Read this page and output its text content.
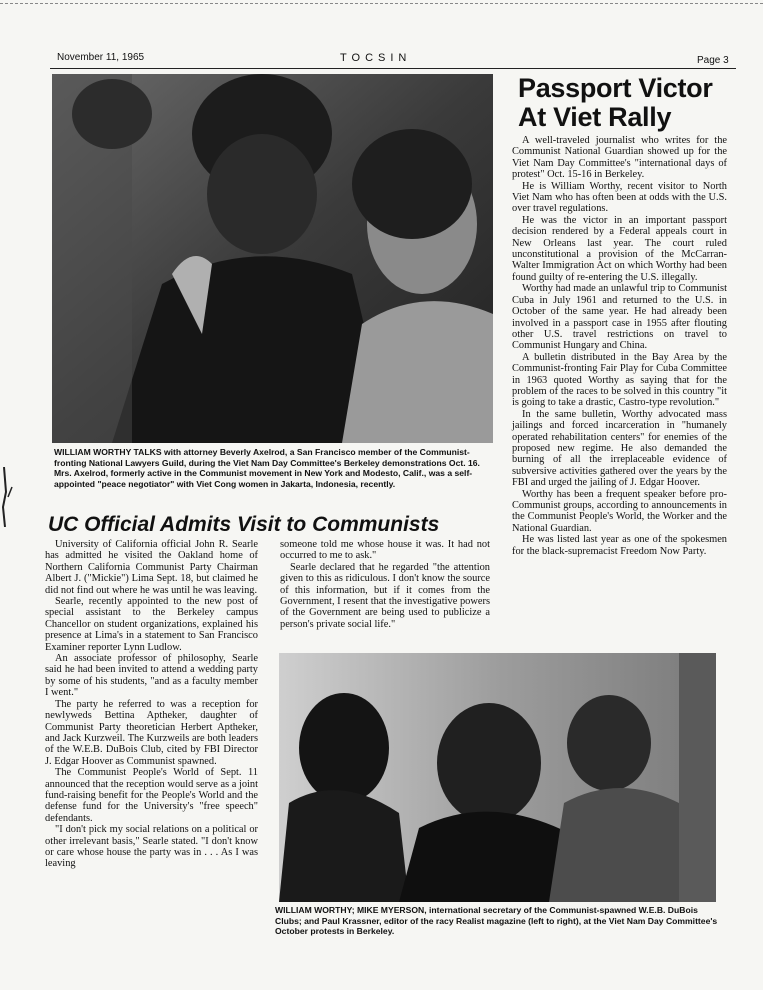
November 11, 1965	TOCSIN	Page 3

WILLIAM WORTHY TALKS with attorney Beverly Axelrod, a San Francisco member of the Communist-fronting National Lawyers Guild, during the Viet Nam Day Committee's Berkeley demonstrations Oct. 16. Mrs. Axelrod, formerly active in the Communist movement in New York and Modesto, Calif., was a self-appointed "peace negotiator" with Viet Cong women in Jakarta, Indonesia, recently.

Passport Victor
At Viet Rally

A well-traveled journalist who writes for the Communist National Guardian showed up for the Viet Nam Day Committee's "international days of protest" Oct. 15-16 in Berkeley.

He is William Worthy, recent visitor to North Viet Nam who has often been at odds with the U.S. over travel regulations.

He was the victor in an important passport decision rendered by a Federal appeals court in New Orleans last year. The court ruled unconstitutional a provision of the McCarran-Walter Immigration Act on which Worthy had been found guilty of re-entering the U.S. illegally.

Worthy had made an unlawful trip to Communist Cuba in July 1961 and returned to the U.S. in October of the same year. He had already been involved in a passport case in 1955 after flouting other U.S. travel restrictions on travel to Communist Hungary and China.

A bulletin distributed in the Bay Area by the Communist-fronting Fair Play for Cuba Committee in 1963 quoted Worthy as saying that for the problem of the races to be solved in this country "it is going to take a drastic, Castro-type revolution."

In the same bulletin, Worthy advocated mass jailings and forced incarceration in "humanely operated rehabilitation centers" for enemies of the proposed new regime. He also demanded the burning of all the irreplaceable evidence of subversive activities gathered over the years by the FBI and urged the jailing of J. Edgar Hoover.

Worthy has been a frequent speaker before pro-Communist groups, according to announcements in the Communist People's World, the Worker and the National Guardian.

He was listed last year as one of the spokesmen for the black-supremacist Freedom Now Party.

UC Official Admits Visit to Communists

University of California official John R. Searle has admitted he visited the Oakland home of Northern California Communist Party Chairman Albert J. ("Mickie") Lima Sept. 18, but claimed he did not find out where he was until he was leaving.

Searle, recently appointed to the new post of special assistant to the Berkeley campus Chancellor on student organizations, explained his presence at Lima's in a statement to San Francisco Examiner reporter Lynn Ludlow.

An associate professor of philosophy, Searle said he had been invited to attend a wedding party by some of his students, "and as a faculty member I went."

The party he referred to was a reception for newlyweds Bettina Aptheker, daughter of Communist Party theoretician Herbert Aptheker, and Jack Kurzweil. The Kurzweils are both leaders of the W.E.B. DuBois Club, cited by FBI Director J. Edgar Hoover as Communist spawned.

The Communist People's World of Sept. 11 announced that the reception would serve as a joint fund-raising benefit for the People's World and the defense fund for the University's "free speech" defendants.

"I don't pick my social relations on a political or other irrelevant basis," Searle stated. "I don't know or care whose house the party was in . . . As I was leaving

someone told me whose house it was. It had not occurred to me to ask."

Searle declared that he regarded "the attention given to this as ridiculous. I don't know the source of this information, but if it comes from the Government, I resent that the investigative powers of the Government are being used to publicize a person's private social life."

WILLIAM WORTHY; MIKE MYERSON, international secretary of the Communist-spawned W.E.B. DuBois Clubs; and Paul Krassner, editor of the racy Realist magazine (left to right), at the Viet Nam Day Committee's October protests in Berkeley.
